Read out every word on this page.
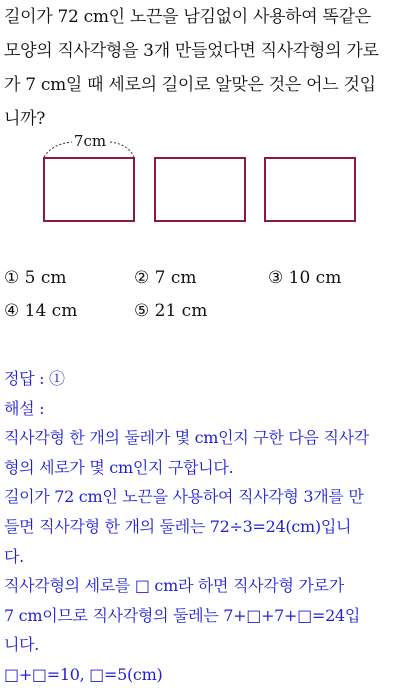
길이가 72 cm인 노끈을 남김없이 사용하여 똑같은

모양의 직사각형을 3개 만들었다면 직사각형의 가로

가 7 cm일 때 세로의 길이로 알맞은 것은 어느 것입

니까?

7cm
① 5 cm	② 7 cm	③ 10 cm
④ 14 cm	⑤ 21 cm

정답 : ①

해설 :

직사각형 한 개의 둘레가 몇 cm인지 구한 다음 직사각

형의 세로가 몇 cm인지 구합니다.

길이가 72 cm인 노끈을 사용하여 직사각형 3개를 만

들면 직사각형 한 개의 둘레는 72÷3=24(cm)입니

다.

직사각형의 세로를 □ cm라 하면 직사각형 가로가

7 cm이므로 직사각형의 둘레는 7+□+7+□=24입

니다.

□+□=10, □=5(cm)
